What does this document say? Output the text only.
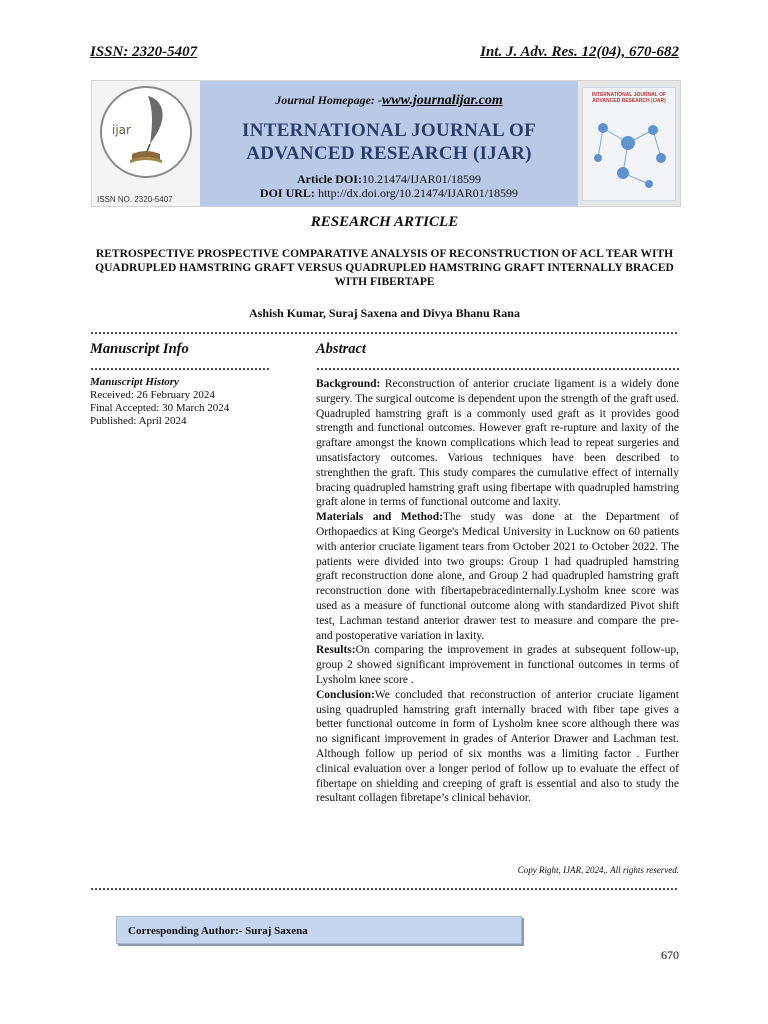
ISSN: 2320-5407	Int. J. Adv. Res. 12(04), 670-682
ijar
ISSN NO. 2320-5407
Journal Homepage: -www.journalijar.com
INTERNATIONAL JOURNAL OF
ADVANCED RESEARCH (IJAR)
Article DOI:10.21474/IJAR01/18599
DOI URL: http://dx.doi.org/10.21474/IJAR01/18599
INTERNATIONAL JOURNAL OF ADVANCED RESEARCH (IJAR)
RESEARCH ARTICLE
RETROSPECTIVE PROSPECTIVE COMPARATIVE ANALYSIS OF RECONSTRUCTION OF ACL TEAR WITH QUADRUPLED HAMSTRING GRAFT VERSUS QUADRUPLED HAMSTRING GRAFT INTERNALLY BRACED WITH FIBERTAPE
Ashish Kumar, Suraj Saxena and Divya Bhanu Rana
Manuscript Info
Manuscript History
Received: 26 February 2024
Final Accepted: 30 March 2024
Published: April 2024
Abstract

Background: Reconstruction of anterior cruciate ligament is a widely done surgery. The surgical outcome is dependent upon the strength of the graft used. Quadrupled hamstring graft is a commonly used graft as it provides good strength and functional outcomes. However graft re-rupture and laxity of the graftare amongst the known complications which lead to repeat surgeries and unsatisfactory outcomes. Various techniques have been described to strenghthen the graft. This study compares the cumulative effect of internally bracing quadrupled hamstring graft using fibertape with quadrupled hamstring graft alone in terms of functional outcome and laxity.

Materials and Method:The study was done at the Department of Orthopaedics at King George's Medical University in Lucknow on 60 patients with anterior cruciate ligament tears from October 2021 to October 2022. The patients were divided into two groups: Group 1 had quadrupled hamstring graft reconstruction done alone, and Group 2 had quadrupled hamstring graft reconstruction done with fibertapebracedinternally.Lysholm knee score was used as a measure of functional outcome along with standardized Pivot shift test, Lachman testand anterior drawer test to measure and compare the pre- and postoperative variation in laxity.

Results:On comparing the improvement in grades at subsequent follow-up, group 2 showed significant improvement in functional outcomes in terms of Lysholm knee score .

Conclusion:We concluded that reconstruction of anterior cruciate ligament using quadrupled hamstring graft internally braced with fiber tape gives a better functional outcome in form of Lysholm knee score although there was no significant improvement in grades of Anterior Drawer and Lachman test. Although follow up period of six months was a limiting factor . Further clinical evaluation over a longer period of follow up to evaluate the effect of fibertape on shielding and creeping of graft is essential and also to study the resultant collagen fibretape’s clinical behavior.

Copy Right, IJAR, 2024,. All rights reserved.
Corresponding Author:- Suraj Saxena
670
